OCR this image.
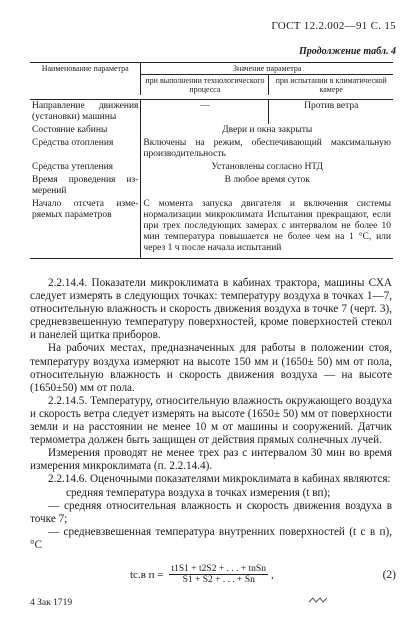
ГОСТ 12.2.002—91 С. 15
Продолжение табл. 4
Наименование параметра	Значение параметра	
	при выполнении технологического процесса	при испытании в климатической камере

Направление движения (установки) машины	—	Против ветра
Состояние кабины	Двери и окна закрыты	
Средства отопления	Включены на режим, обеспечивающий максимальную производительность	
Средства утепления	Установлены согласно НТД	
Время проведения измерений	В любое время суток	
Начало отсчета измеряемых параметров	С момента запуска двигателя и включения системы нормализации микроклимата Испытания прекращают, если при трех последующих замерах с интервалом не более 10 мин температура повышается не более чем на 1 °С, или через 1 ч после начала испытаний	

2.2.14.4. Показатели микроклимата в кабинах трактора, машины СХА следует измерять в следующих точках: температуру воздуха в точках 1—7, относительную влажность и скорость движения воздуха в точке 7 (черт. 3), средневзвешенную температуру поверхностей, кроме поверхностей стекол и панелей щитка приборов.

На рабочих местах, предназначенных для работы в положении стоя, температуру воздуха измеряют на высоте 150 мм и (1650± 50) мм от пола, относительную влажность и скорость движения воздуха — на высоте (1650±50) мм от пола.

2.2.14.5. Температуру, относительную влажность окружающего воздуха и скорость ветра следует измерять на высоте (1650± 50) мм от поверхности земли и на расстоянии не менее 10 м от машины и сооружений. Датчик термометра должен быть защищен от действия прямых солнечных лучей.

Измерения проводят не менее трех раз с интервалом 30 мин во время измерения микроклимата (п. 2.2.14.4).

2.2.14.6. Оценочными показателями микроклимата в кабинах являются:

средняя температура воздуха в точках измерения (t вп);

— средняя относительная влажность и скорость движения воздуха в точке 7;

— средневзвешенная температура внутренних поверхностей (t с в п), °С

tс.в $п = \frac{\text{t1S1 + t2S2 + . . . + tnSn}}{S1 + S2 + . . . + Sn}$ ,	(2)
4 Зак 1719
